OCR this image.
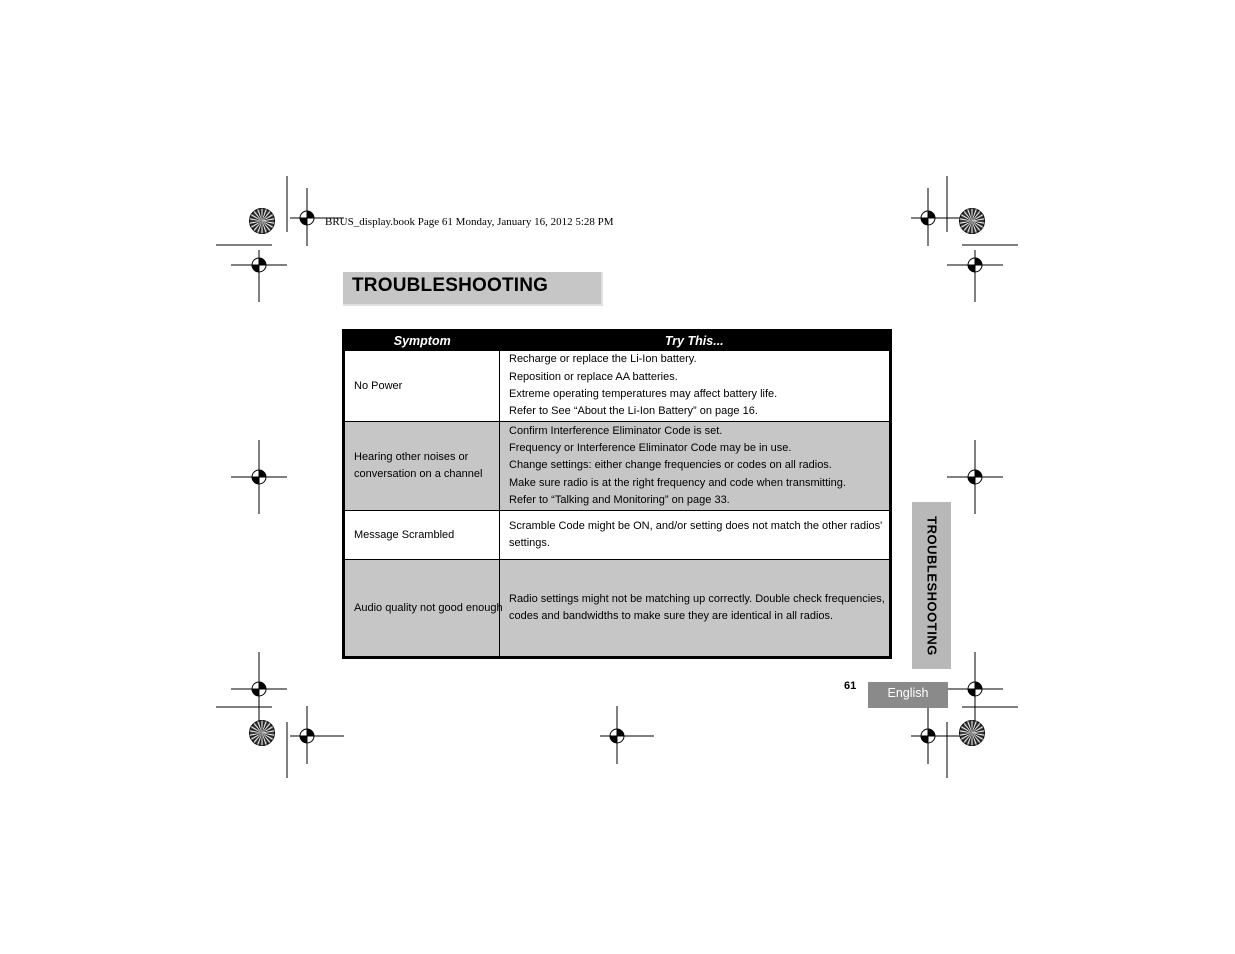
BRUS_display.book Page 61 Monday, January 16, 2012 5:28 PM
TROUBLESHOOTING
Symptom	Try This...
No Power	Recharge or replace the Li-Ion battery.
Reposition or replace AA batteries.
Extreme operating temperatures may affect battery life.
Refer to See “About the Li-Ion Battery” on page 16.

Hearing other noises or conversation on a channel	Confirm Interference Eliminator Code is set.
Frequency or Interference Eliminator Code may be in use.
Change settings: either change frequencies or codes on all radios.
Make sure radio is at the right frequency and code when transmitting.
Refer to “Talking and Monitoring” on page 33.

Message Scrambled	Scramble Code might be ON, and/or setting does not match the other radios'
settings.

Audio quality not good enough	Radio settings might not be matching up correctly. Double check frequencies,
codes and bandwidths to make sure they are identical in all radios.	TROUBLESHOOTING
61	English
